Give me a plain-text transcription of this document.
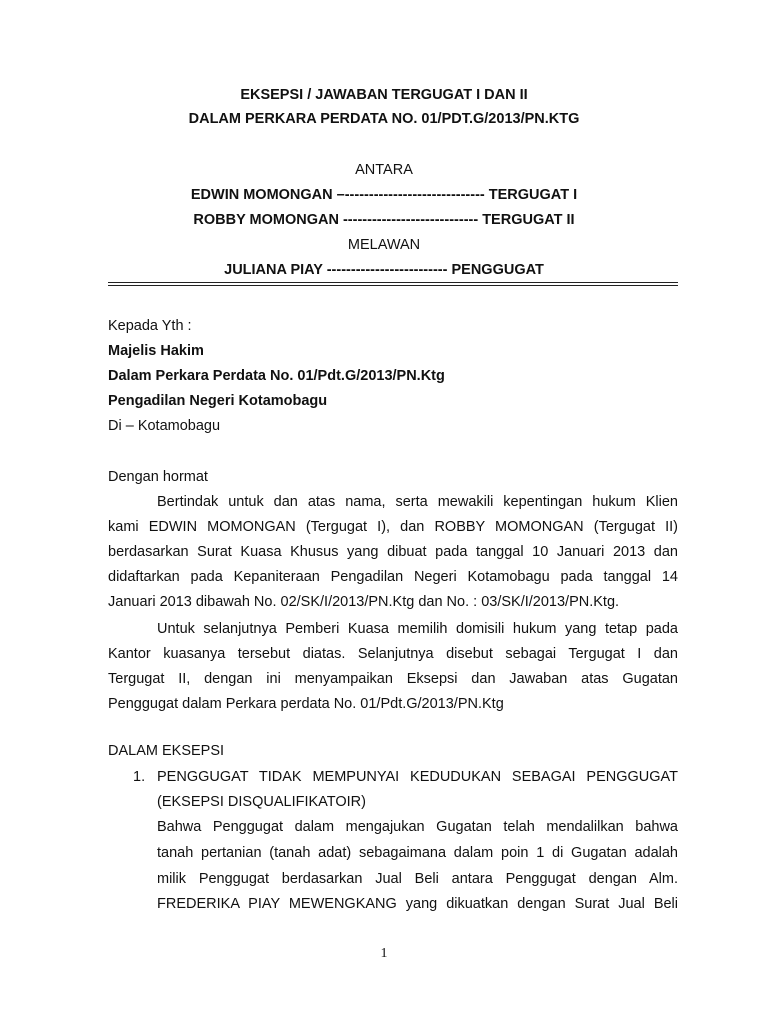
EKSEPSI / JAWABAN TERGUGAT I DAN II
DALAM PERKARA PERDATA NO. 01/PDT.G/2013/PN.KTG
ANTARA
EDWIN MOMONGAN –----------------------------- TERGUGAT I
ROBBY MOMONGAN ---------------------------- TERGUGAT II
MELAWAN
JULIANA PIAY ------------------------- PENGGUGAT
Kepada Yth :
Majelis Hakim
Dalam Perkara Perdata No. 01/Pdt.G/2013/PN.Ktg
Pengadilan Negeri Kotamobagu
Di – Kotamobagu
Dengan hormat
Bertindak untuk dan atas nama, serta mewakili kepentingan hukum Klien
kami EDWIN MOMONGAN (Tergugat I), dan ROBBY MOMONGAN (Tergugat II)
berdasarkan Surat Kuasa Khusus yang dibuat pada tanggal 10 Januari 2013 dan
didaftarkan pada Kepaniteraan Pengadilan Negeri Kotamobagu pada tanggal 14
Januari 2013 dibawah No. 02/SK/I/2013/PN.Ktg dan No. : 03/SK/I/2013/PN.Ktg.
Untuk selanjutnya Pemberi Kuasa memilih domisili hukum yang tetap pada
Kantor kuasanya tersebut diatas. Selanjutnya disebut sebagai Tergugat I dan
Tergugat II, dengan ini menyampaikan Eksepsi dan Jawaban atas Gugatan
Penggugat dalam Perkara perdata No. 01/Pdt.G/2013/PN.Ktg
DALAM EKSEPSI
1. PENGGUGAT TIDAK MEMPUNYAI KEDUDUKAN SEBAGAI PENGGUGAT
(EKSEPSI DISQUALIFIKATOIR)
Bahwa Penggugat dalam mengajukan Gugatan telah mendalilkan bahwa
tanah pertanian (tanah adat) sebagaimana dalam poin 1 di Gugatan adalah
milik Penggugat berdasarkan Jual Beli antara Penggugat dengan Alm.
FREDERIKA PIAY MEWENGKANG yang dikuatkan dengan Surat Jual Beli
1
